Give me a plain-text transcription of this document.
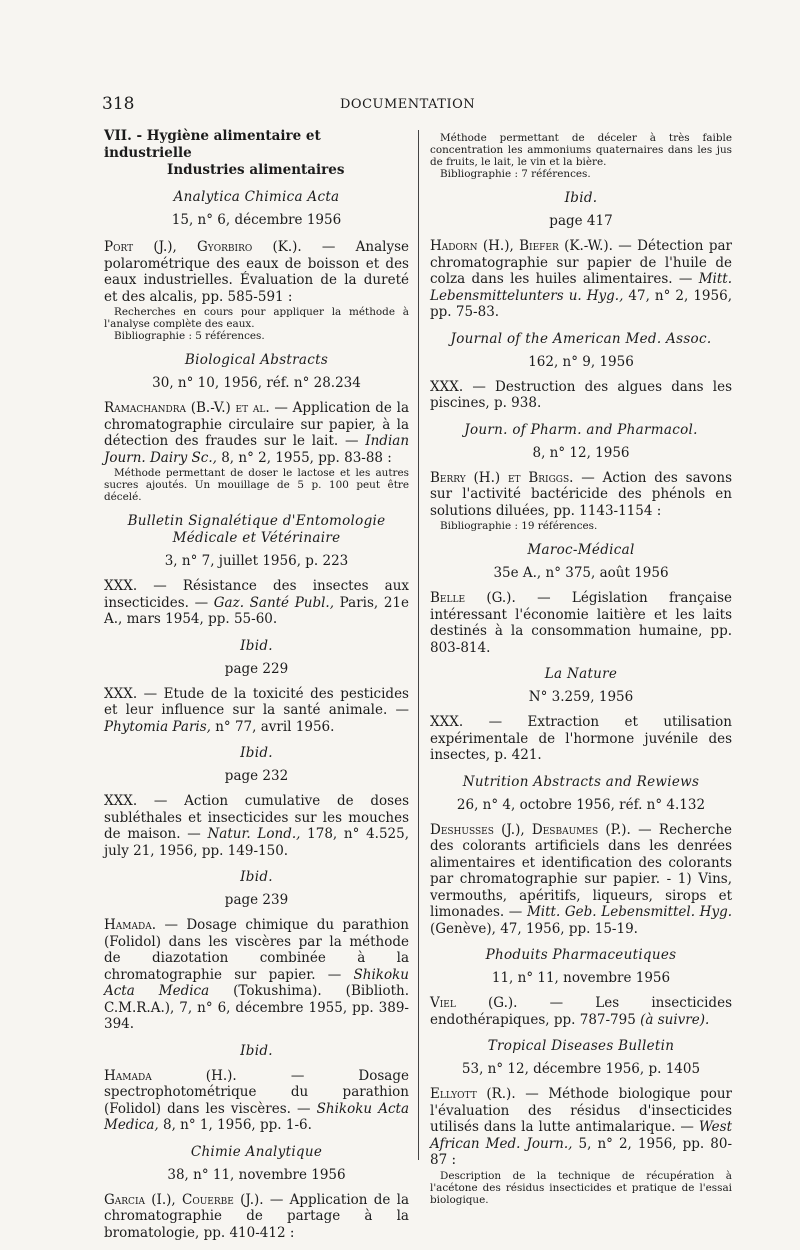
318	DOCUMENTATION
VII. - Hygiène alimentaire et industrielle
Industries alimentaires
Analytica Chimica Acta
15, n° 6, décembre 1956
Port (J.), Gyorbiro (K.). — Analyse polarométrique des eaux de boisson et des eaux industrielles. Évaluation de la dureté et des alcalis, pp. 585-591 :
Recherches en cours pour appliquer la méthode à l'analyse complète des eaux.
Bibliographie : 5 références.
Biological Abstracts
30, n° 10, 1956, réf. n° 28.234
Ramachandra (B.-V.) et al. — Application de la chromatographie circulaire sur papier, à la détection des fraudes sur le lait. — Indian Journ. Dairy Sc., 8, n° 2, 1955, pp. 83-88 :
Méthode permettant de doser le lactose et les autres sucres ajoutés. Un mouillage de 5 p. 100 peut être décelé.
Bulletin Signalétique d'Entomologie
Médicale et Vétérinaire
3, n° 7, juillet 1956, p. 223
XXX. — Résistance des insectes aux insecticides. — Gaz. Santé Publ., Paris, 21e A., mars 1954, pp. 55-60.
Ibid.
page 229
XXX. — Etude de la toxicité des pesticides et leur influence sur la santé animale. — Phytomia Paris, n° 77, avril 1956.
Ibid.
page 232
XXX. — Action cumulative de doses subléthales et insecticides sur les mouches de maison. — Natur. Lond., 178, n° 4.525, july 21, 1956, pp. 149-150.
Ibid.
page 239
Hamada. — Dosage chimique du parathion (Folidol) dans les viscères par la méthode de diazotation combinée à la chromatographie sur papier. — Shikoku Acta Medica (Tokushima). (Biblioth. C.M.R.A.), 7, n° 6, décembre 1955, pp. 389-394.
Ibid.
Hamada (H.).	— Dosage spectrophotométrique du parathion (Folidol) dans les viscères. — Shikoku Acta Medica, 8, n° 1, 1956, pp. 1-6.
Chimie Analytique
38, n° 11, novembre 1956
Garcia (I.), Couerbe (J.). — Application de la chromatographie de partage à la bromatologie, pp. 410-412 :
Méthode permettant de déceler à très faible concentration les ammoniums quaternaires dans les jus de fruits, le lait, le vin et la bière.
Bibliographie : 7 références.
Ibid.
page 417
Hadorn (H.), Biefer (K.-W.). — Détection par chromatographie sur papier de l'huile de colza dans les huiles alimentaires. — Mitt. Lebensmittelunters u. Hyg., 47, n° 2, 1956, pp. 75-83.
Journal of the American Med. Assoc.
162, n° 9, 1956
XXX. — Destruction des algues dans les piscines, p. 938.
Journ. of Pharm. and Pharmacol.
8, n° 12, 1956
Berry (H.) et Briggs. — Action des savons sur l'activité bactéricide des phénols en solutions diluées, pp. 1143-1154 :
Bibliographie : 19 références.
Maroc-Médical
35e A., n° 375, août 1956
Belle (G.). — Législation française intéressant l'économie laitière et les laits destinés à la consommation humaine, pp. 803-814.
La Nature
N° 3.259, 1956
XXX. — Extraction et utilisation expérimentale de l'hormone juvénile des insectes, p. 421.
Nutrition Abstracts and Rewiews
26, n° 4, octobre 1956, réf. n° 4.132
Deshusses (J.), Desbaumes (P.). — Recherche des colorants artificiels dans les denrées alimentaires et identification des colorants par chromatographie sur papier. - 1) Vins, vermouths, apéritifs, liqueurs, sirops et limonades. — Mitt. Geb. Lebensmittel. Hyg. (Genève), 47, 1956, pp. 15-19.
Phoduits Pharmaceutiques
11, n° 11, novembre 1956
Viel (G.). — Les insecticides endothérapiques, pp. 787-795 (à suivre).
Tropical Diseases Bulletin
53, n° 12, décembre 1956, p. 1405
Ellyott (R.). — Méthode biologique pour l'évaluation des résidus d'insecticides utilisés dans la lutte antimalarique. — West African Med. Journ., 5, n° 2, 1956, pp. 80-87 :
Description de la technique de récupération à l'acétone des résidus insecticides et pratique de l'essai biologique.
